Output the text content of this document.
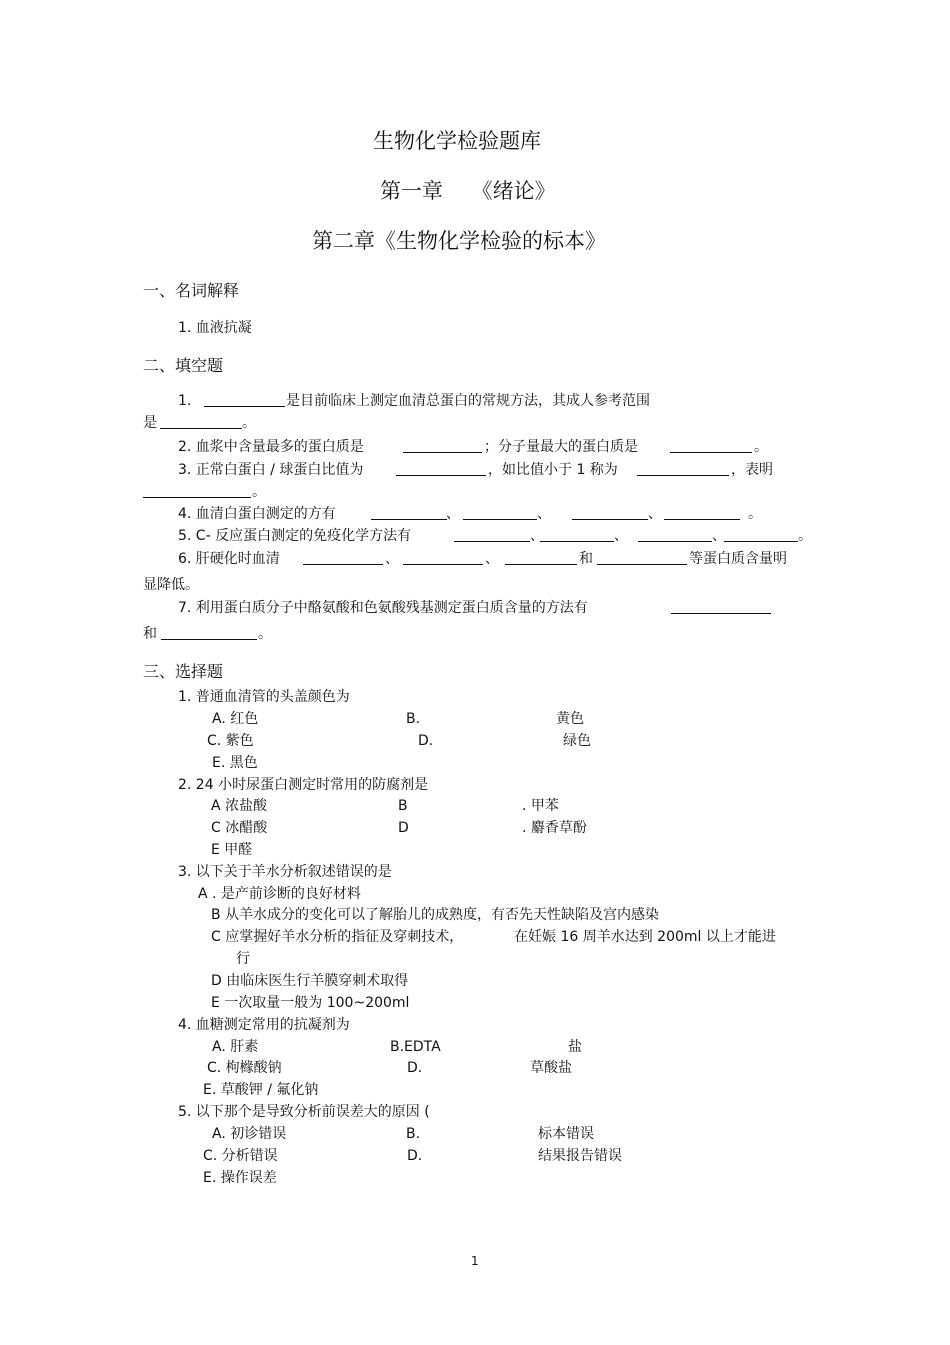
生物化学检验题库
第一章 《绪论》
第二章《生物化学检验的标本》
一、名词解释
1. 血液抗凝
二、填空题
1.	是目前临床上测定血清总蛋白的常规方法，其成人参考范围
是	。
2. 血浆中含量最多的蛋白质是	；分子量最大的蛋白质是	。
3. 正常白蛋白 / 球蛋白比值为	，如比值小于 1 称为	，表明
。
4. 血清白蛋白测定的方有	、	、	、	。
5. C- 反应蛋白测定的免疫化学方法有	、	、	、	。
6. 肝硬化时血清	、	、	和	等蛋白质含量明
显降低。
7. 利用蛋白质分子中酪氨酸和色氨酸残基测定蛋白质含量的方法有
和	。
三、选择题
1. 普通血清管的头盖颜色为
A. 红色	B.	黄色
C. 紫色	D.	绿色
E. 黑色
2. 24 小时尿蛋白测定时常用的防腐剂是
A 浓盐酸	B	. 甲苯
C 冰醋酸	D	. 麝香草酚
E 甲醛
3. 以下关于羊水分析叙述错误的是
A . 是产前诊断的良好材料
B 从羊水成分的变化可以了解胎儿的成熟度，有否先天性缺陷及宫内感染
C 应掌握好羊水分析的指征及穿刺技术，	在妊娠 16 周羊水达到 200ml 以上才能进
行
D 由临床医生行羊膜穿刺术取得
E 一次取量一般为 100~200ml
4. 血糖测定常用的抗凝剂为
A. 肝素	B.EDTA	盐
C. 枸橼酸钠	D.	草酸盐
E. 草酸钾 / 氟化钠
5. 以下那个是导致分析前误差大的原因 (
A. 初诊错误	B.	标本错误
C. 分析错误	D.	结果报告错误
E. 操作误差
1
